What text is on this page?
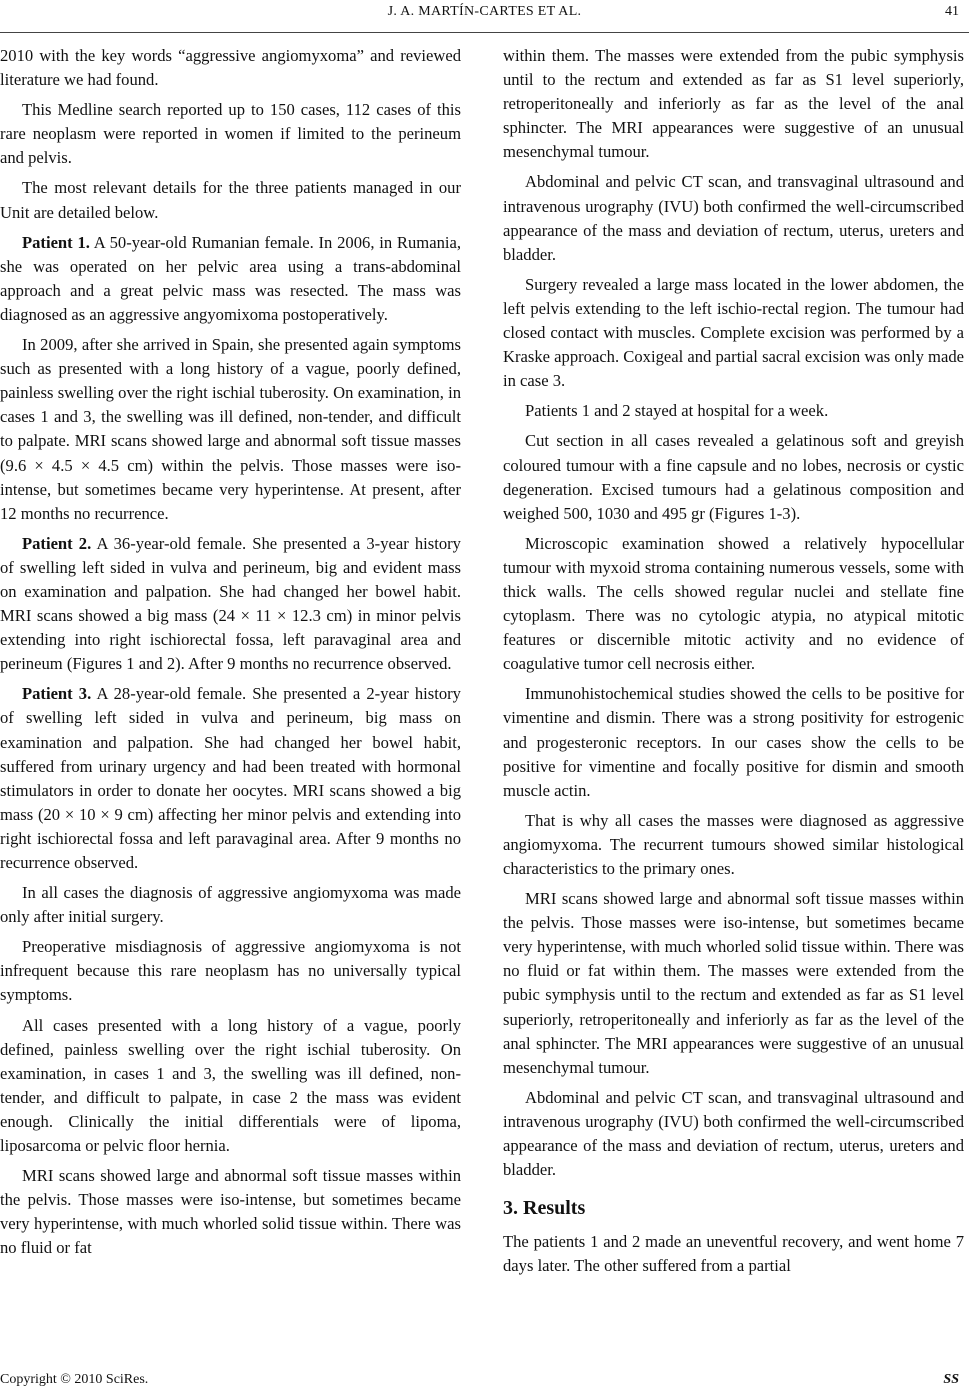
J. A. MARTÍN-CARTES ET AL.	41

2010 with the key words “aggressive angiomyxoma” and reviewed literature we had found.

This Medline search reported up to 150 cases, 112 cases of this rare neoplasm were reported in women if limited to the perineum and pelvis.

The most relevant details for the three patients managed in our Unit are detailed below.

Patient 1. A 50-year-old Rumanian female. In 2006, in Rumania, she was operated on her pelvic area using a trans-abdominal approach and a great pelvic mass was resected. The mass was diagnosed as an aggressive angyomixoma postoperatively.

In 2009, after she arrived in Spain, she presented again symptoms such as presented with a long history of a vague, poorly defined, painless swelling over the right ischial tuberosity. On examination, in cases 1 and 3, the swelling was ill defined, non-tender, and difficult to palpate. MRI scans showed large and abnormal soft tissue masses (9.6 × 4.5 × 4.5 cm) within the pelvis. Those masses were iso-intense, but sometimes became very hyperintense. At present, after 12 months no recurrence.

Patient 2. A 36-year-old female. She presented a 3-year history of swelling left sided in vulva and perineum, big and evident mass on examination and palpation. She had changed her bowel habit. MRI scans showed a big mass (24 × 11 × 12.3 cm) in minor pelvis extending into right ischiorectal fossa, left paravaginal area and perineum (Figures 1 and 2). After 9 months no recurrence observed.

Patient 3. A 28-year-old female. She presented a 2-year history of swelling left sided in vulva and perineum, big mass on examination and palpation. She had changed her bowel habit, suffered from urinary urgency and had been treated with hormonal stimulators in order to donate her oocytes. MRI scans showed a big mass (20 × 10 × 9 cm) affecting her minor pelvis and extending into right ischiorectal fossa and left paravaginal area. After 9 months no recurrence observed.

In all cases the diagnosis of aggressive angiomyxoma was made only after initial surgery.

Preoperative misdiagnosis of aggressive angiomyxoma is not infrequent because this rare neoplasm has no universally typical symptoms.

All cases presented with a long history of a vague, poorly defined, painless swelling over the right ischial tuberosity. On examination, in cases 1 and 3, the swelling was ill defined, non-tender, and difficult to palpate, in case 2 the mass was evident enough. Clinically the initial differentials were of lipoma, liposarcoma or pelvic floor hernia.

MRI scans showed large and abnormal soft tissue masses within the pelvis. Those masses were iso-intense, but sometimes became very hyperintense, with much whorled solid tissue within. There was no fluid or fat

within them. The masses were extended from the pubic symphysis until to the rectum and extended as far as S1 level superiorly, retroperitoneally and inferiorly as far as the level of the anal sphincter. The MRI appearances were suggestive of an unusual mesenchymal tumour.

Abdominal and pelvic CT scan, and transvaginal ultrasound and intravenous urography (IVU) both confirmed the well-circumscribed appearance of the mass and deviation of rectum, uterus, ureters and bladder.

Surgery revealed a large mass located in the lower abdomen, the left pelvis extending to the left ischio-rectal region. The tumour had closed contact with muscles. Complete excision was performed by a Kraske approach. Coxigeal and partial sacral excision was only made in case 3.

Patients 1 and 2 stayed at hospital for a week.

Cut section in all cases revealed a gelatinous soft and greyish coloured tumour with a fine capsule and no lobes, necrosis or cystic degeneration. Excised tumours had a gelatinous composition and weighed 500, 1030 and 495 gr (Figures 1-3).

Microscopic examination showed a relatively hypocellular tumour with myxoid stroma containing numerous vessels, some with thick walls. The cells showed regular nuclei and stellate fine cytoplasm. There was no cytologic atypia, no atypical mitotic features or discernible mitotic activity and no evidence of coagulative tumor cell necrosis either.

Immunohistochemical studies showed the cells to be positive for vimentine and dismin. There was a strong positivity for estrogenic and progesteronic receptors. In our cases show the cells to be positive for vimentine and focally positive for dismin and smooth muscle actin.

That is why all cases the masses were diagnosed as aggressive angiomyxoma. The recurrent tumours showed similar histological characteristics to the primary ones.

MRI scans showed large and abnormal soft tissue masses within the pelvis. Those masses were iso-intense, but sometimes became very hyperintense, with much whorled solid tissue within. There was no fluid or fat within them. The masses were extended from the pubic symphysis until to the rectum and extended as far as S1 level superiorly, retroperitoneally and inferiorly as far as the level of the anal sphincter. The MRI appearances were suggestive of an unusual mesenchymal tumour.

Abdominal and pelvic CT scan, and transvaginal ultrasound and intravenous urography (IVU) both confirmed the well-circumscribed appearance of the mass and deviation of rectum, uterus, ureters and bladder.

3. Results

The patients 1 and 2 made an uneventful recovery, and went home 7 days later. The other suffered from a partial

Copyright © 2010 SciRes.	SS
